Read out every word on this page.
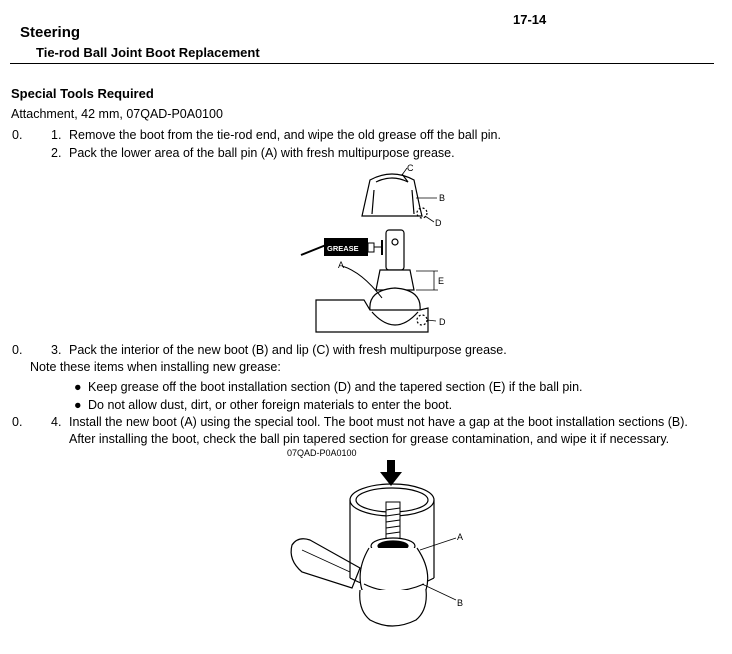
Steering
17-14
Tie-rod Ball Joint Boot Replacement
Special Tools Required
Attachment, 42 mm, 07QAD-P0A0100
0. 1. Remove the boot from the tie-rod end, and wipe the old grease off the ball pin.
2. Pack the lower area of the ball pin (A) with fresh multipurpose grease.
C
B
D
GREASE
A
E
D
0. 3. Pack the interior of the new boot (B) and lip (C) with fresh multipurpose grease.
Note these items when installing new grease:
● Keep grease off the boot installation section (D) and the tapered section (E) if the ball pin.
● Do not allow dust, dirt, or other foreign materials to enter the boot.
0. 4. Install the new boot (A) using the special tool. The boot must not have a gap at the boot installation sections (B).
After installing the boot, check the ball pin tapered section for grease contamination, and wipe it if necessary.
07QAD-P0A0100
A
B
